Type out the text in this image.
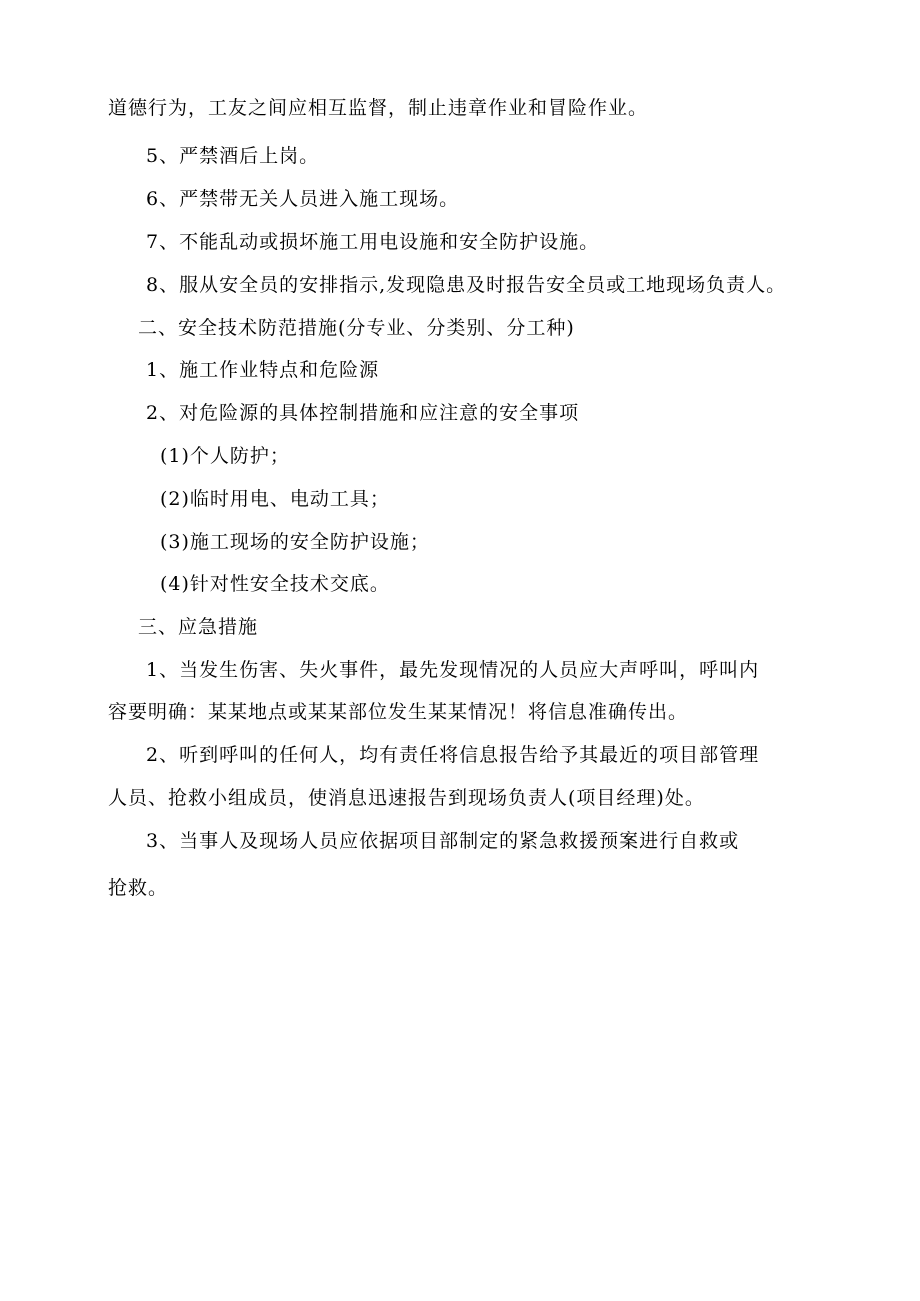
道德行为，工友之间应相互监督，制止违章作业和冒险作业。

5、严禁酒后上岗。

6、严禁带无关人员进入施工现场。

7、不能乱动或损坏施工用电设施和安全防护设施。

8、服从安全员的安排指示,发现隐患及时报告安全员或工地现场负责人。

二、安全技术防范措施(分专业、分类别、分工种)

1、施工作业特点和危险源

2、对危险源的具体控制措施和应注意的安全事项

(1)个人防护；

(2)临时用电、电动工具；

(3)施工现场的安全防护设施；

(4)针对性安全技术交底。

三、应急措施

1、当发生伤害、失火事件，最先发现情况的人员应大声呼叫，呼叫内

容要明确：某某地点或某某部位发生某某情况！将信息准确传出。

2、听到呼叫的任何人，均有责任将信息报告给予其最近的项目部管理

人员、抢救小组成员，使消息迅速报告到现场负责人(项目经理)处。

3、当事人及现场人员应依据项目部制定的紧急救援预案进行自救或

抢救。
